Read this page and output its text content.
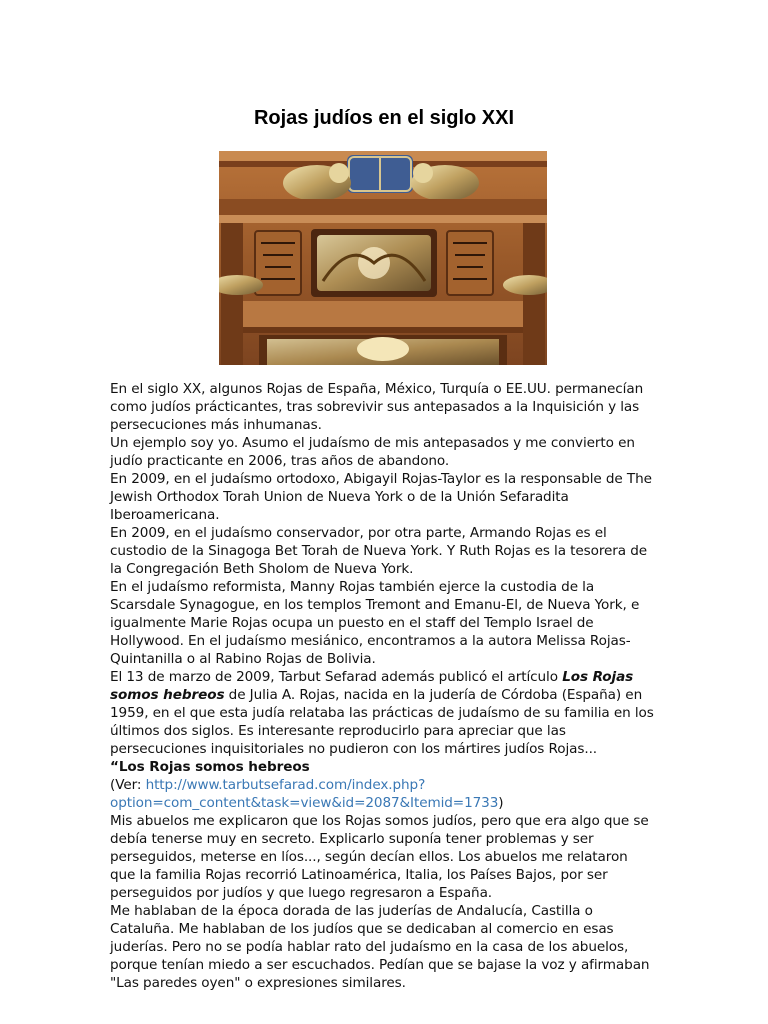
Rojas judíos en el siglo XXI

En el siglo XX, algunos Rojas de España, México, Turquía o EE.UU. permanecían como judíos prácticantes, tras sobrevivir sus antepasados a la Inquisición y las persecuciones más inhumanas.

Un ejemplo soy yo. Asumo el judaísmo de mis antepasados y me convierto en judío practicante en 2006, tras años de abandono.

En 2009, en el judaísmo ortodoxo, Abigayil Rojas-Taylor es la responsable de The Jewish Orthodox Torah Union de Nueva York o de la Unión Sefaradita Iberoamericana.

En 2009, en el judaísmo conservador, por otra parte, Armando Rojas es el custodio de la Sinagoga Bet Torah de Nueva York. Y Ruth Rojas es la tesorera de la Congregación Beth Sholom de Nueva York.

En el judaísmo reformista, Manny Rojas también ejerce la custodia de la Scarsdale Synagogue, en los templos Tremont and Emanu-El, de Nueva York, e igualmente Marie Rojas ocupa un puesto en el staff del Templo Israel de Hollywood. En el judaísmo mesiánico, encontramos a la autora Melissa Rojas-Quintanilla o al Rabino Rojas de Bolivia.

El 13 de marzo de 2009, Tarbut Sefarad además publicó el artículo Los Rojas somos hebreos de Julia A. Rojas, nacida en la judería de Córdoba (España) en 1959, en el que esta judía relataba las prácticas de judaísmo de su familia en los últimos dos siglos. Es interesante reproducirlo para apreciar que las persecuciones inquisitoriales no pudieron con los mártires judíos Rojas...

“Los Rojas somos hebreos

(Ver: http://www.tarbutsefarad.com/index.php?option=com_content&task=view&id=2087&Itemid=1733)

Mis abuelos me explicaron que los Rojas somos judíos, pero que era algo que se debía tenerse muy en secreto. Explicarlo suponía tener problemas y ser perseguidos, meterse en líos..., según decían ellos. Los abuelos me relataron que la familia Rojas recorrió Latinoamérica, Italia, los Países Bajos, por ser perseguidos por judíos y que luego regresaron a España.

Me hablaban de la época dorada de las juderías de Andalucía, Castilla o Cataluña. Me hablaban de los judíos que se dedicaban al comercio en esas juderías. Pero no se podía hablar rato del judaísmo en la casa de los abuelos, porque tenían miedo a ser escuchados. Pedían que se bajase la voz y afirmaban "Las paredes oyen" o expresiones similares.
